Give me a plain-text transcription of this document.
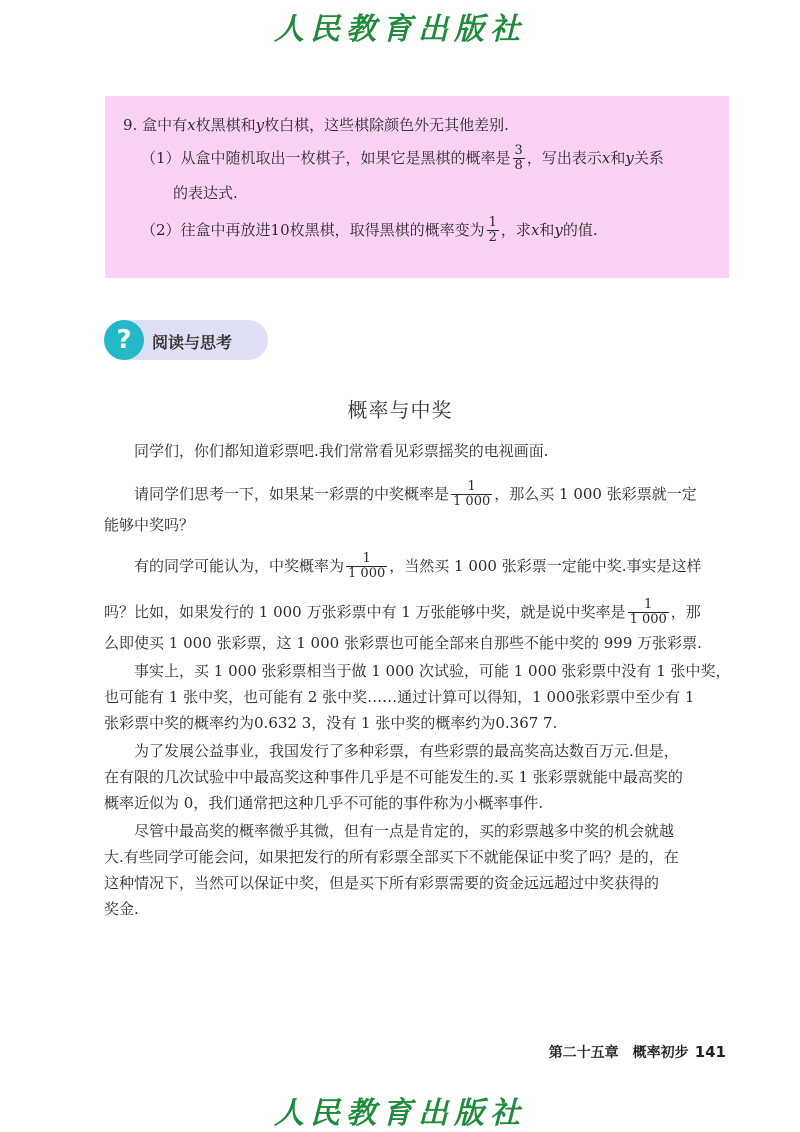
人民教育出版社
9. 盒中有x枚黑棋和y枚白棋，这些棋除颜色外无其他差别.
（1）从盒中随机取出一枚棋子，如果它是黑棋的概率是 $\frac{3}{8}$ ，写出表示x和y关系
的表达式.
（2）往盒中再放进10枚黑棋，取得黑棋的概率变为 $\frac{1}{2}$ ，求x和y的值.
?	阅读与思考
概率与中奖
同学们，你们都知道彩票吧.我们常常看见彩票摇奖的电视画面.
请同学们思考一下，如果某一彩票的中奖概率是 $\frac{1}{1 000}$ ，那么买 1 000 张彩票就一定
能够中奖吗？
有的同学可能认为，中奖概率为 $\frac{1}{1 000}$ ，当然买 1 000 张彩票一定能中奖.事实是这样
吗？比如，如果发行的 1 000 万张彩票中有 1 万张能够中奖，就是说中奖率是 $\frac{1}{1 000}$ ，那
么即使买 1 000 张彩票，这 1 000 张彩票也可能全部来自那些不能中奖的 999 万张彩票.
事实上，买 1 000 张彩票相当于做 1 000 次试验，可能 1 000 张彩票中没有 1 张中奖，
也可能有 1 张中奖，也可能有 2 张中奖……通过计算可以得知，1 000张彩票中至少有 1
张彩票中奖的概率约为0.632 3，没有 1 张中奖的概率约为0.367 7.
为了发展公益事业，我国发行了多种彩票，有些彩票的最高奖高达数百万元.但是，
在有限的几次试验中中最高奖这种事件几乎是不可能发生的.买 1 张彩票就能中最高奖的
概率近似为 0，我们通常把这种几乎不可能的事件称为小概率事件.
尽管中最高奖的概率微乎其微，但有一点是肯定的，买的彩票越多中奖的机会就越
大.有些同学可能会问，如果把发行的所有彩票全部买下不就能保证中奖了吗？是的，在
这种情况下，当然可以保证中奖，但是买下所有彩票需要的资金远远超过中奖获得的
奖金.
第二十五章　概率初步 141
人民教育出版社
